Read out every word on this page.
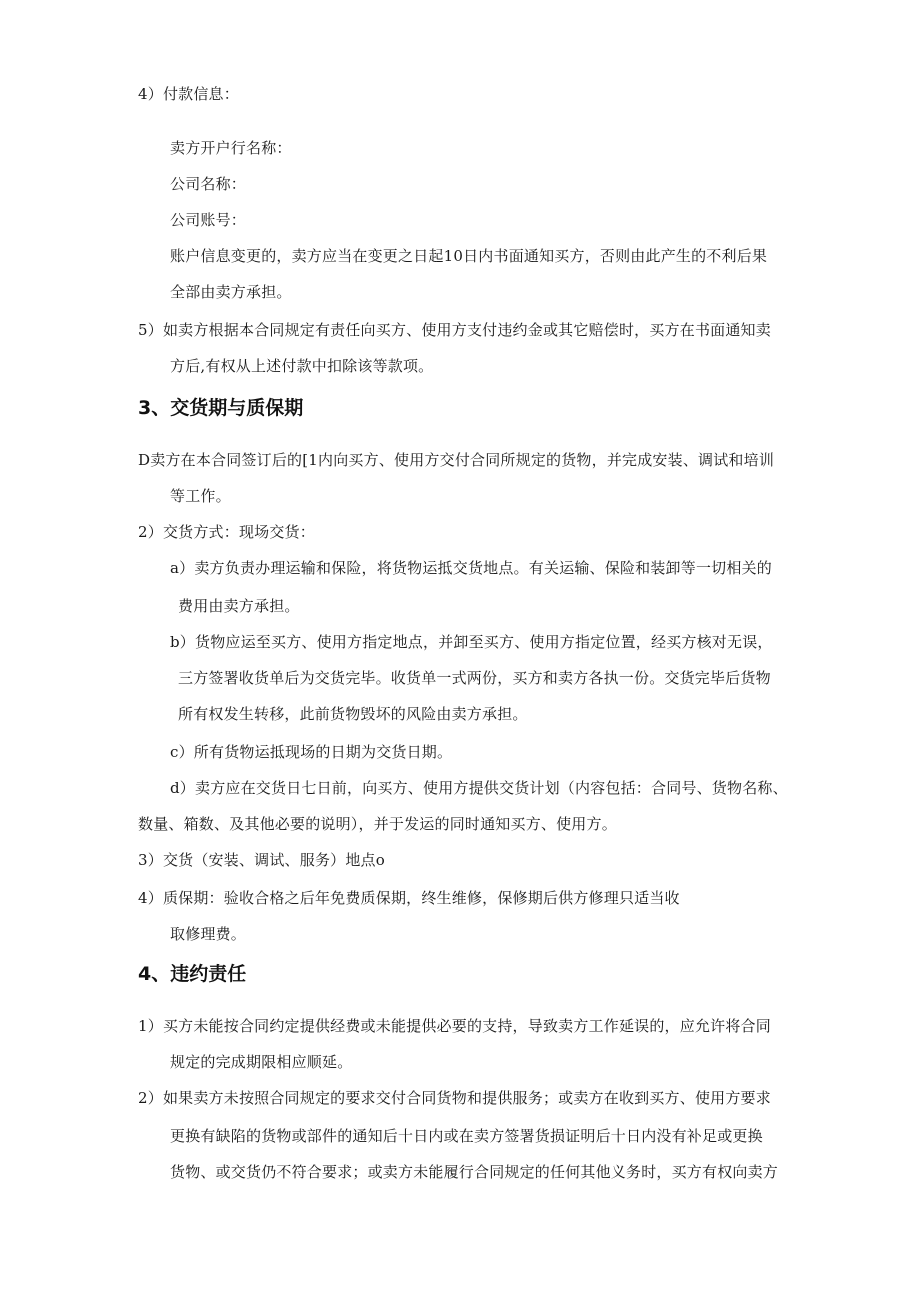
4）付款信息：
卖方开户行名称：
公司名称：
公司账号：
账户信息变更的，卖方应当在变更之日起10日内书面通知买方，否则由此产生的不利后果
全部由卖方承担。
5）如卖方根据本合同规定有责任向买方、使用方支付违约金或其它赔偿时，买方在书面通知卖
方后,有权从上述付款中扣除该等款项。
3、交货期与质保期
D卖方在本合同签订后的[1内向买方、使用方交付合同所规定的货物，并完成安装、调试和培训
等工作。
2）交货方式：现场交货：
a）卖方负责办理运输和保险，将货物运抵交货地点。有关运输、保险和装卸等一切相关的
费用由卖方承担。
b）货物应运至买方、使用方指定地点，并卸至买方、使用方指定位置，经买方核对无误，
三方签署收货单后为交货完毕。收货单一式两份，买方和卖方各执一份。交货完毕后货物
所有权发生转移，此前货物毁坏的风险由卖方承担。
c）所有货物运抵现场的日期为交货日期。
d）卖方应在交货日七日前，向买方、使用方提供交货计划（内容包括：合同号、货物名称、
数量、箱数、及其他必要的说明），并于发运的同时通知买方、使用方。
3）交货（安装、调试、服务）地点o
4）质保期：验收合格之后年免费质保期，终生维修，保修期后供方修理只适当收
取修理费。
4、违约责任
1）买方未能按合同约定提供经费或未能提供必要的支持，导致卖方工作延误的，应允许将合同
规定的完成期限相应顺延。
2）如果卖方未按照合同规定的要求交付合同货物和提供服务；或卖方在收到买方、使用方要求
更换有缺陷的货物或部件的通知后十日内或在卖方签署货损证明后十日内没有补足或更换
货物、或交货仍不符合要求；或卖方未能履行合同规定的任何其他义务时，买方有权向卖方
